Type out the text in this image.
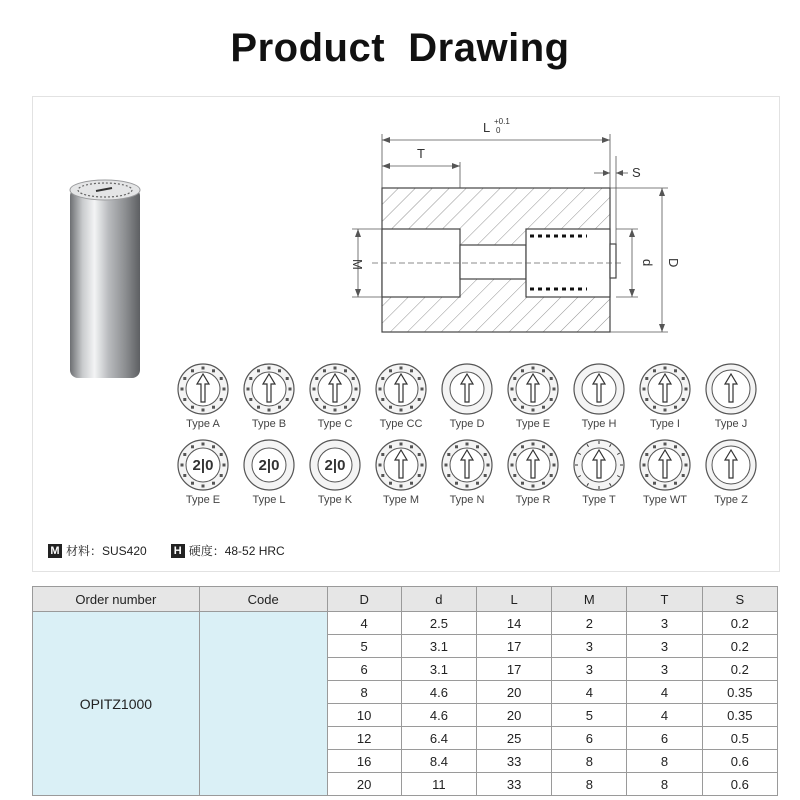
Product  Drawing
L +0.1
0
T
S
M	d D
Type A	Type B	Type C	Type CC	Type D	Type E	Type H	Type I	Type J
2|0
Type E
2|0
Type L
2|0
Type K	Type M	Type N	Type R	Type T	Type WT	Type Z
M 材料：SUS420 H 硬度：48-52 HRC
Order number	Code	D	d	L	M	T	S
OPITZ1000		4	2.5	14	2	3	0.2
		5	3.1	17	3	3	0.2
		6	3.1	17	3	3	0.2
		8	4.6	20	4	4	0.35
		10	4.6	20	5	4	0.35
		12	6.4	25	6	6	0.5
		16	8.4	33	8	8	0.6
		20	11	33	8	8	0.6
